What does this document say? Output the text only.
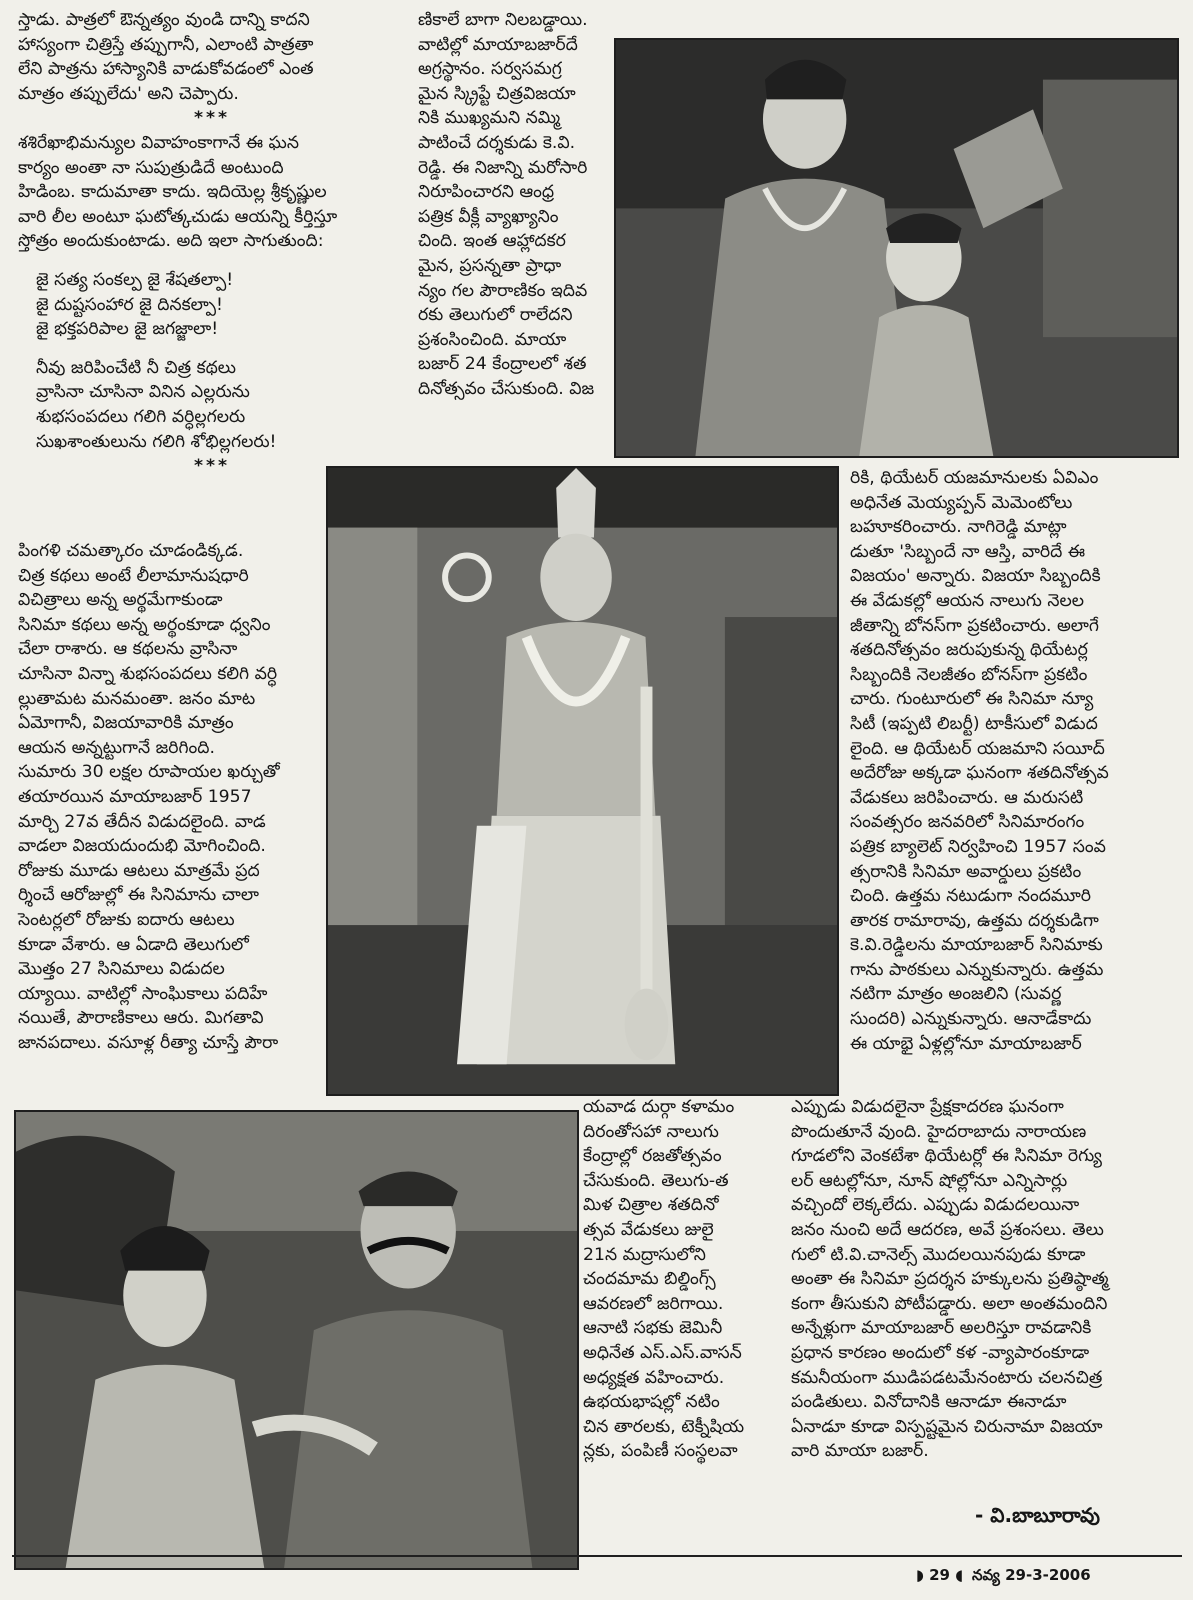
స్తాడు. పాత్రలో ఔన్నత్యం వుండి దాన్ని కాదని

హాస్యంగా చిత్రిస్తే తప్పుగానీ, ఎలాంటి పాత్రతా

లేని పాత్రను హాస్యానికి వాడుకోవడంలో ఎంత

మాత్రం తప్పులేదు' అని చెప్పారు.

***

శశిరేఖాభిమన్యుల వివాహంకాగానే ఈ ఘన

కార్యం అంతా నా సుపుత్రుడిదే అంటుంది

హిడింబ. కాదుమాతా కాదు. ఇదియెల్ల శ్రీకృష్ణుల

వారి లీల అంటూ ఘటోత్కచుడు ఆయన్ని కీర్తిస్తూ

స్తోత్రం అందుకుంటాడు. అది ఇలా సాగుతుంది:

జై సత్య సంకల్ప జై శేషతల్పా!

జై దుష్టసంహార జై దినకల్పా!

జై భక్తపరిపాల జై జగజ్జాలా!

నీవు జరిపించేటి నీ చిత్ర కథలు

వ్రాసినా చూసినా వినిన ఎల్లరును

శుభసంపదలు గలిగి వర్ధిల్లగలరు

సుఖశాంతులును గలిగి శోభిల్లగలరు!

***

పింగళి చమత్కారం చూడండిక్కడ.

చిత్ర కథలు అంటే లీలామానుషధారి

విచిత్రాలు అన్న అర్థమేగాకుండా

సినిమా కథలు అన్న అర్థంకూడా ధ్వనిం

చేలా రాశారు. ఆ కథలను వ్రాసినా

చూసినా విన్నా శుభసంపదలు కలిగి వర్ధి

ల్లుతామట మనమంతా. జనం మాట

ఏమోగానీ, విజయావారికి మాత్రం

ఆయన అన్నట్టుగానే జరిగింది.

సుమారు 30 లక్షల రూపాయల ఖర్చుతో

తయారయిన మాయాబజార్ 1957

మార్చి 27వ తేదీన విడుదలైంది. వాడ

వాడలా విజయదుందుభి మోగించింది.

రోజుకు మూడు ఆటలు మాత్రమే ప్రద

ర్శించే ఆరోజుల్లో ఈ సినిమాను చాలా

సెంటర్లలో రోజుకు ఐదారు ఆటలు

కూడా వేశారు. ఆ ఏడాది తెలుగులో

మొత్తం 27 సినిమాలు విడుదల

య్యాయి. వాటిల్లో సాంఘికాలు పదిహే

నయితే, పౌరాణికాలు ఆరు. మిగతావి

జానపదాలు. వసూళ్ల రీత్యా చూస్తే పౌరా

ణికాలే బాగా నిలబడ్డాయి.

వాటిల్లో మాయాబజార్‌దే

అగ్రస్థానం. సర్వసమగ్ర

మైన స్క్రిప్టే చిత్రవిజయా

నికి ముఖ్యమని నమ్మి

పాటించే దర్శకుడు కె.వి.

రెడ్డి. ఈ నిజాన్ని మరోసారి

నిరూపించారని ఆంధ్ర

పత్రిక వీక్లీ వ్యాఖ్యానిం

చింది. ఇంత ఆహ్లాదకర

మైన, ప్రసన్నతా ప్రాధా

న్యం గల పౌరాణికం ఇదివ

రకు తెలుగులో రాలేదని

ప్రశంసించింది. మాయా

బజార్ 24 కేంద్రాలలో శత

దినోత్సవం చేసుకుంది. విజ

రికి, థియేటర్ యజమానులకు ఏవిఎం

అధినేత మెయ్యప్పన్ మెమెంటోలు

బహూకరించారు. నాగిరెడ్డి మాట్లా

డుతూ 'సిబ్బందే నా ఆస్తి, వారిదే ఈ

విజయం' అన్నారు. విజయా సిబ్బందికి

ఈ వేడుకల్లో ఆయన నాలుగు నెలల

జీతాన్ని బోనస్‌గా ప్రకటించారు. అలాగే

శతదినోత్సవం జరుపుకున్న థియేటర్ల

సిబ్బందికి నెలజీతం బోనస్‌గా ప్రకటిం

చారు. గుంటూరులో ఈ సినిమా న్యూ

సిటీ (ఇప్పటి లిబర్టీ) టాకీసులో విడుద

లైంది. ఆ థియేటర్ యజమాని సయీద్

అదేరోజు అక్కడా ఘనంగా శతదినోత్సవ

వేడుకలు జరిపించారు. ఆ మరుసటి

సంవత్సరం జనవరిలో సినిమారంగం

పత్రిక బ్యాలెట్ నిర్వహించి 1957 సంవ

త్సరానికి సినిమా అవార్డులు ప్రకటిం

చింది. ఉత్తమ నటుడుగా నందమూరి

తారక రామారావు, ఉత్తమ దర్శకుడిగా

కె.వి.రెడ్డిలను మాయాబజార్ సినిమాకు

గాను పాఠకులు ఎన్నుకున్నారు. ఉత్తమ

నటిగా మాత్రం అంజలిని (సువర్ణ

సుందరి) ఎన్నుకున్నారు. ఆనాడేకాదు

ఈ యాభై ఏళ్లల్లోనూ మాయాబజార్

యవాడ దుర్గా కళామం

దిరంతోసహా నాలుగు

కేంద్రాల్లో రజతోత్సవం

చేసుకుంది. తెలుగు-త

మిళ చిత్రాల శతదినో

త్సవ వేడుకలు జులై

21న మద్రాసులోని

చందమామ బిల్డింగ్స్

ఆవరణలో జరిగాయి.

ఆనాటి సభకు జెమినీ

అధినేత ఎస్.ఎస్.వాసన్

అధ్యక్షత వహించారు.

ఉభయభాషల్లో నటిం

చిన తారలకు, టెక్నీషియ

న్లకు, పంపిణీ సంస్థలవా

ఎప్పుడు విడుదలైనా ప్రేక్షకాదరణ ఘనంగా

పొందుతూనే వుంది. హైదరాబాదు నారాయణ

గూడలోని వెంకటేశా థియేటర్లో ఈ సినిమా రెగ్యు

లర్ ఆటల్లోనూ, నూన్ షోల్లోనూ ఎన్నిసార్లు

వచ్చిందో లెక్కలేదు. ఎప్పుడు విడుదలయినా

జనం నుంచి అదే ఆదరణ, అవే ప్రశంసలు. తెలు

గులో టి.వి.చానెల్స్ మొదలయినపుడు కూడా

అంతా ఈ సినిమా ప్రదర్శన హక్కులను ప్రతిష్ఠాత్మ

కంగా తీసుకుని పోటీపడ్డారు. అలా అంతమందిని

అన్నేళ్లుగా మాయాబజార్ అలరిస్తూ రావడానికి

ప్రధాన కారణం అందులో కళ -వ్యాపారంకూడా

కమనీయంగా ముడిపడటమేనంటారు చలనచిత్ర

పండితులు. వినోదానికి ఆనాడూ ఈనాడూ

ఏనాడూ కూడా విస్పష్టమైన చిరునామా విజయా

వారి మాయా బజార్.

- వి.బాబూరావు
◗ 29 ◖ నవ్య 29-3-2006
